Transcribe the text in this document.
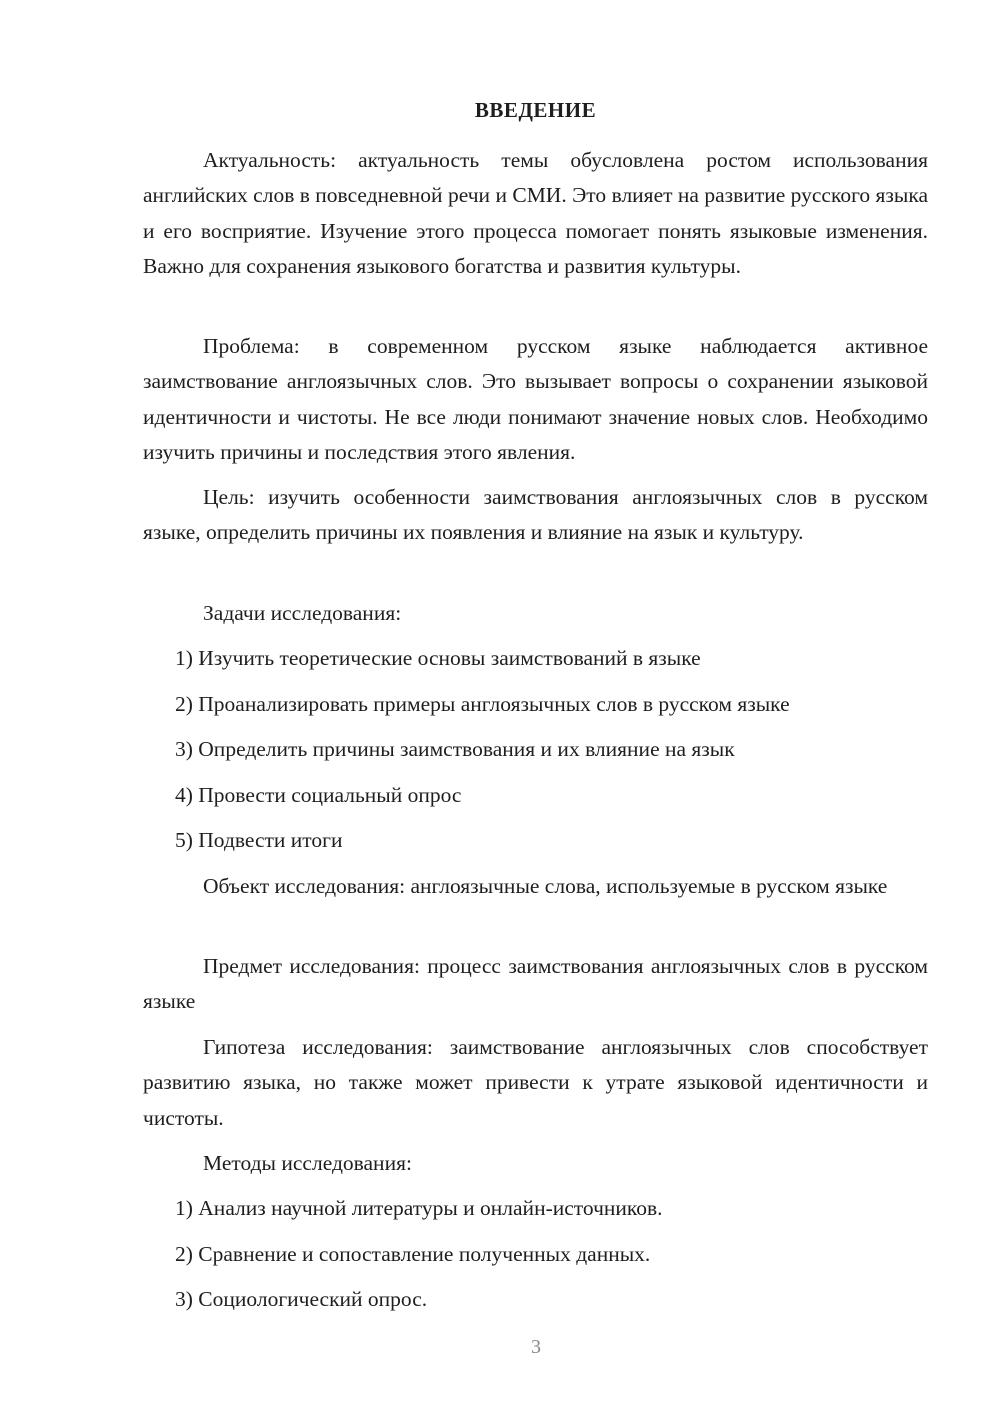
ВВЕДЕНИЕ

Актуальность: актуальность темы обусловлена ростом использования английских слов в повседневной речи и СМИ. Это влияет на развитие русского языка и его восприятие. Изучение этого процесса помогает понять языковые изменения. Важно для сохранения языкового богатства и развития культуры.

Проблема: в современном русском языке наблюдается активное заимствование англоязычных слов. Это вызывает вопросы о сохранении языковой идентичности и чистоты. Не все люди понимают значение новых слов. Необходимо изучить причины и последствия этого явления.

Цель: изучить особенности заимствования англоязычных слов в русском языке, определить причины их появления и влияние на язык и культуру.

Задачи исследования:

1) Изучить теоретические основы заимствований в языке

2) Проанализировать примеры англоязычных слов в русском языке

3) Определить причины заимствования и их влияние на язык

4) Провести социальный опрос

5) Подвести итоги

Объект исследования: англоязычные слова, используемые в русском языке

Предмет исследования: процесс заимствования англоязычных слов в русском языке

Гипотеза исследования: заимствование англоязычных слов способствует развитию языка, но также может привести к утрате языковой идентичности и чистоты.

Методы исследования:

1) Анализ научной литературы и онлайн-источников.

2) Сравнение и сопоставление полученных данных.

3) Социологический опрос.

3
